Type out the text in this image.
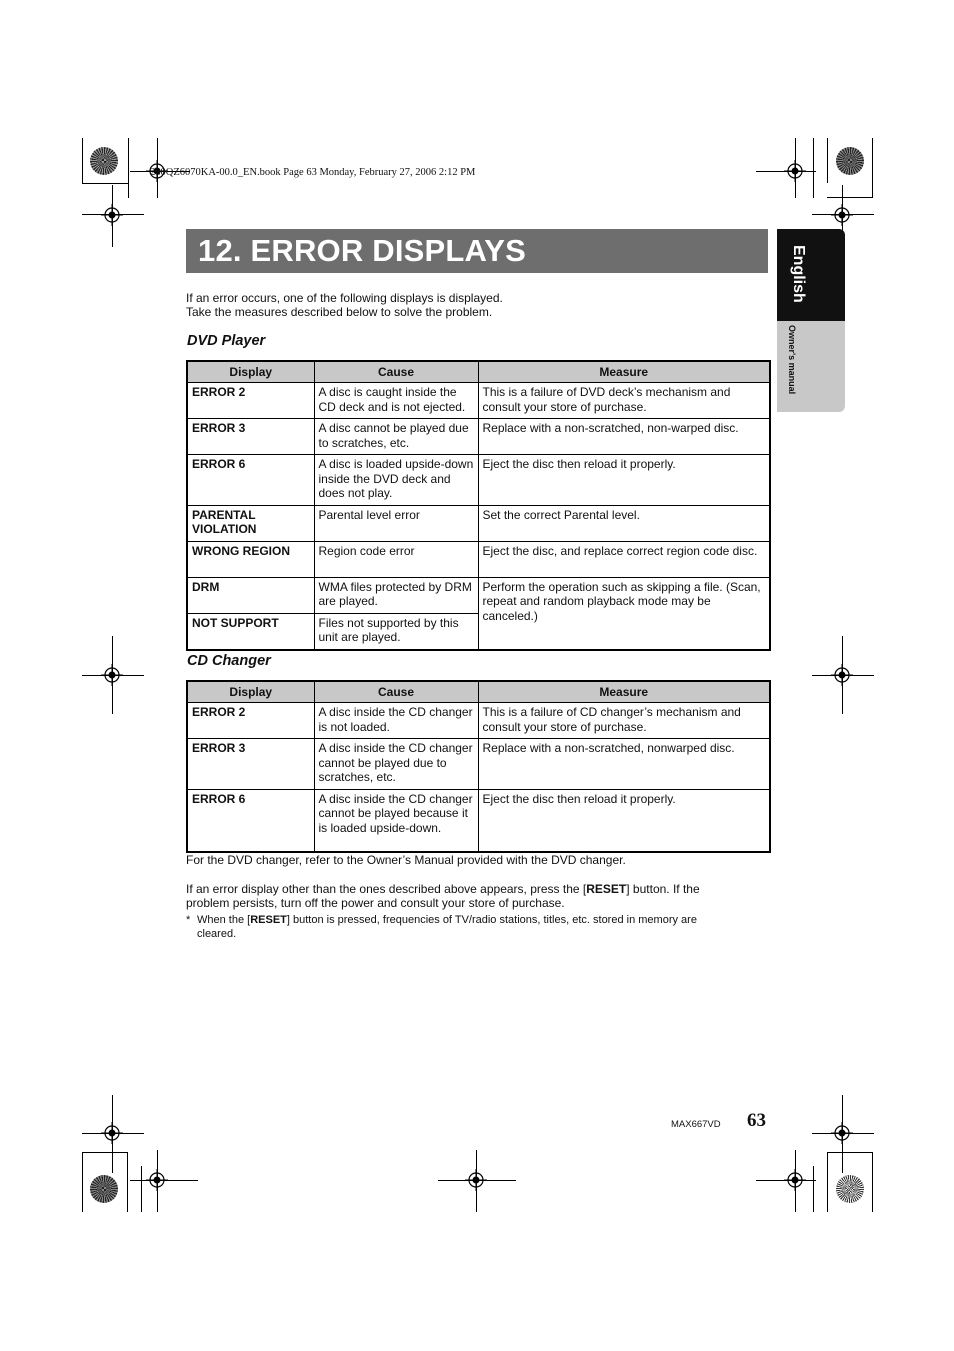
280QZ6070KA-00.0_EN.book Page 63 Monday, February 27, 2006 2:12 PM
12. ERROR DISPLAYS	English
Owner's manual
If an error occurs, one of the following displays is displayed.
Take the measures described below to solve the problem.
DVD Player
Display	Cause	Measure
ERROR 2	A disc is caught inside the CD deck and is not ejected.	This is a failure of DVD deck’s mechanism and consult your store of purchase.
ERROR 3	A disc cannot be played due to scratches, etc.	Replace with a non-scratched, non-warped disc.
ERROR 6	A disc is loaded upside-down inside the DVD deck and does not play.	Eject the disc then reload it properly.
PARENTAL VIOLATION	Parental level error	Set the correct Parental level.
WRONG REGION	Region code error	Eject the disc, and replace correct region code disc.
DRM	WMA files protected by DRM are played.	Perform the operation such as skipping a file. (Scan, repeat and random playback mode may be canceled.)
NOT SUPPORT	Files not supported by this unit are played.	
CD Changer
Display	Cause	Measure
ERROR 2	A disc inside the CD changer is not loaded.	This is a failure of CD changer’s mechanism and consult your store of purchase.
ERROR 3	A disc inside the CD changer cannot be played due to scratches, etc.	Replace with a non-scratched, nonwarped disc.
ERROR 6	A disc inside the CD changer cannot be played because it is loaded upside-down.	Eject the disc then reload it properly.
For the DVD changer, refer to the Owner’s Manual provided with the DVD changer.
If an error display other than the ones described above appears, press the [RESET] button. If the
problem persists, turn off the power and consult your store of purchase.
* When the [RESET] button is pressed, frequencies of TV/radio stations, titles, etc. stored in memory are
cleared.
MAX667VD 63
